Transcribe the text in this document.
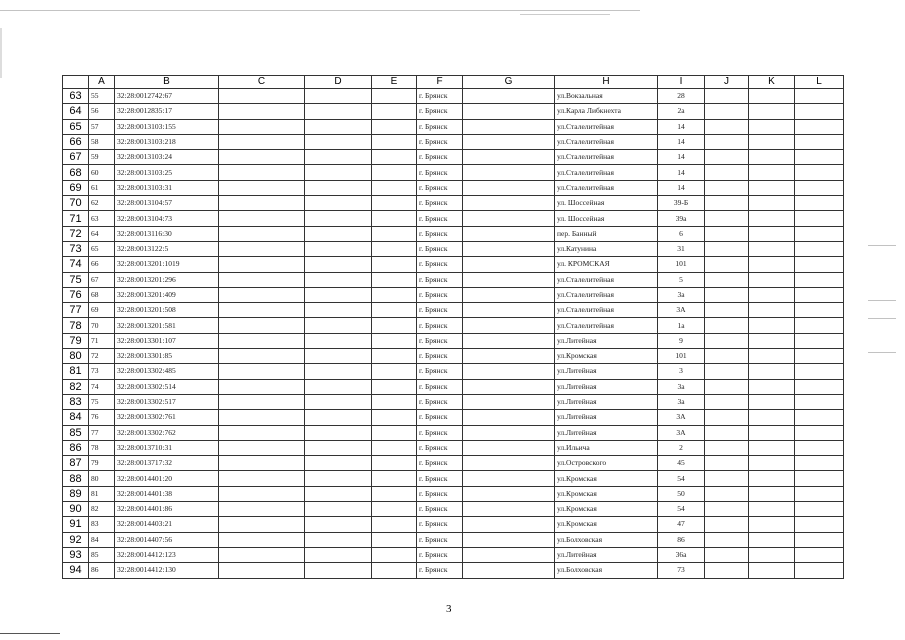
	A	B	C	D	E	F	G	H	I	J	K	L
63	55	32:28:0012742:67				г. Брянск		ул.Вокзальная	28			
64	56	32:28:0012835:17				г. Брянск		ул.Карла Либкнехта	2а			
65	57	32:28:0013103:155				г. Брянск		ул.Сталелитейная	14			
66	58	32:28:0013103:218				г. Брянск		ул.Сталелитейная	14			
67	59	32:28:0013103:24				г. Брянск		ул.Сталелитейная	14			
68	60	32:28:0013103:25				г. Брянск		ул.Сталелитейная	14			
69	61	32:28:0013103:31				г. Брянск		ул.Сталелитейная	14			
70	62	32:28:0013104:57				г. Брянск		ул. Шоссейная	39-Б			
71	63	32:28:0013104:73				г. Брянск		ул. Шоссейная	39а			
72	64	32:28:0013116:30				г. Брянск		пер. Банный	6			
73	65	32:28:0013122:5				г. Брянск		ул.Катунина	31			
74	66	32:28:0013201:1019				г. Брянск		ул. КРОМСКАЯ	101			
75	67	32:28:0013201:296				г. Брянск		ул.Сталелитейная	5			
76	68	32:28:0013201:409				г. Брянск		ул.Сталелитейная	3а			
77	69	32:28:0013201:508				г. Брянск		ул.Сталелитейная	3А			
78	70	32:28:0013201:581				г. Брянск		ул.Сталелитейная	1а			
79	71	32:28:0013301:107				г. Брянск		ул.Литейная	9			
80	72	32:28:0013301:85				г. Брянск		ул.Кромская	101			
81	73	32:28:0013302:485				г. Брянск		ул.Литейная	3			
82	74	32:28:0013302:514				г. Брянск		ул.Литейная	3а			
83	75	32:28:0013302:517				г. Брянск		ул.Литейная	3а			
84	76	32:28:0013302:761				г. Брянск		ул.Литейная	3А			
85	77	32:28:0013302:762				г. Брянск		ул.Литейная	3А			
86	78	32:28:0013710:31				г. Брянск		ул.Ильича	2			
87	79	32:28:0013717:32				г. Брянск		ул.Островского	45			
88	80	32:28:0014401:20				г. Брянск		ул.Кромская	54			
89	81	32:28:0014401:38				г. Брянск		ул.Кромская	50			
90	82	32:28:0014401:86				г. Брянск		ул.Кромская	54			
91	83	32:28:0014403:21				г. Брянск		ул.Кромская	47			
92	84	32:28:0014407:56				г. Брянск		ул.Болховская	86			
93	85	32:28:0014412:123				г. Брянск		ул.Литейная	36а			
94	86	32:28:0014412:130				г. Брянск		ул.Болховская	73			
3
